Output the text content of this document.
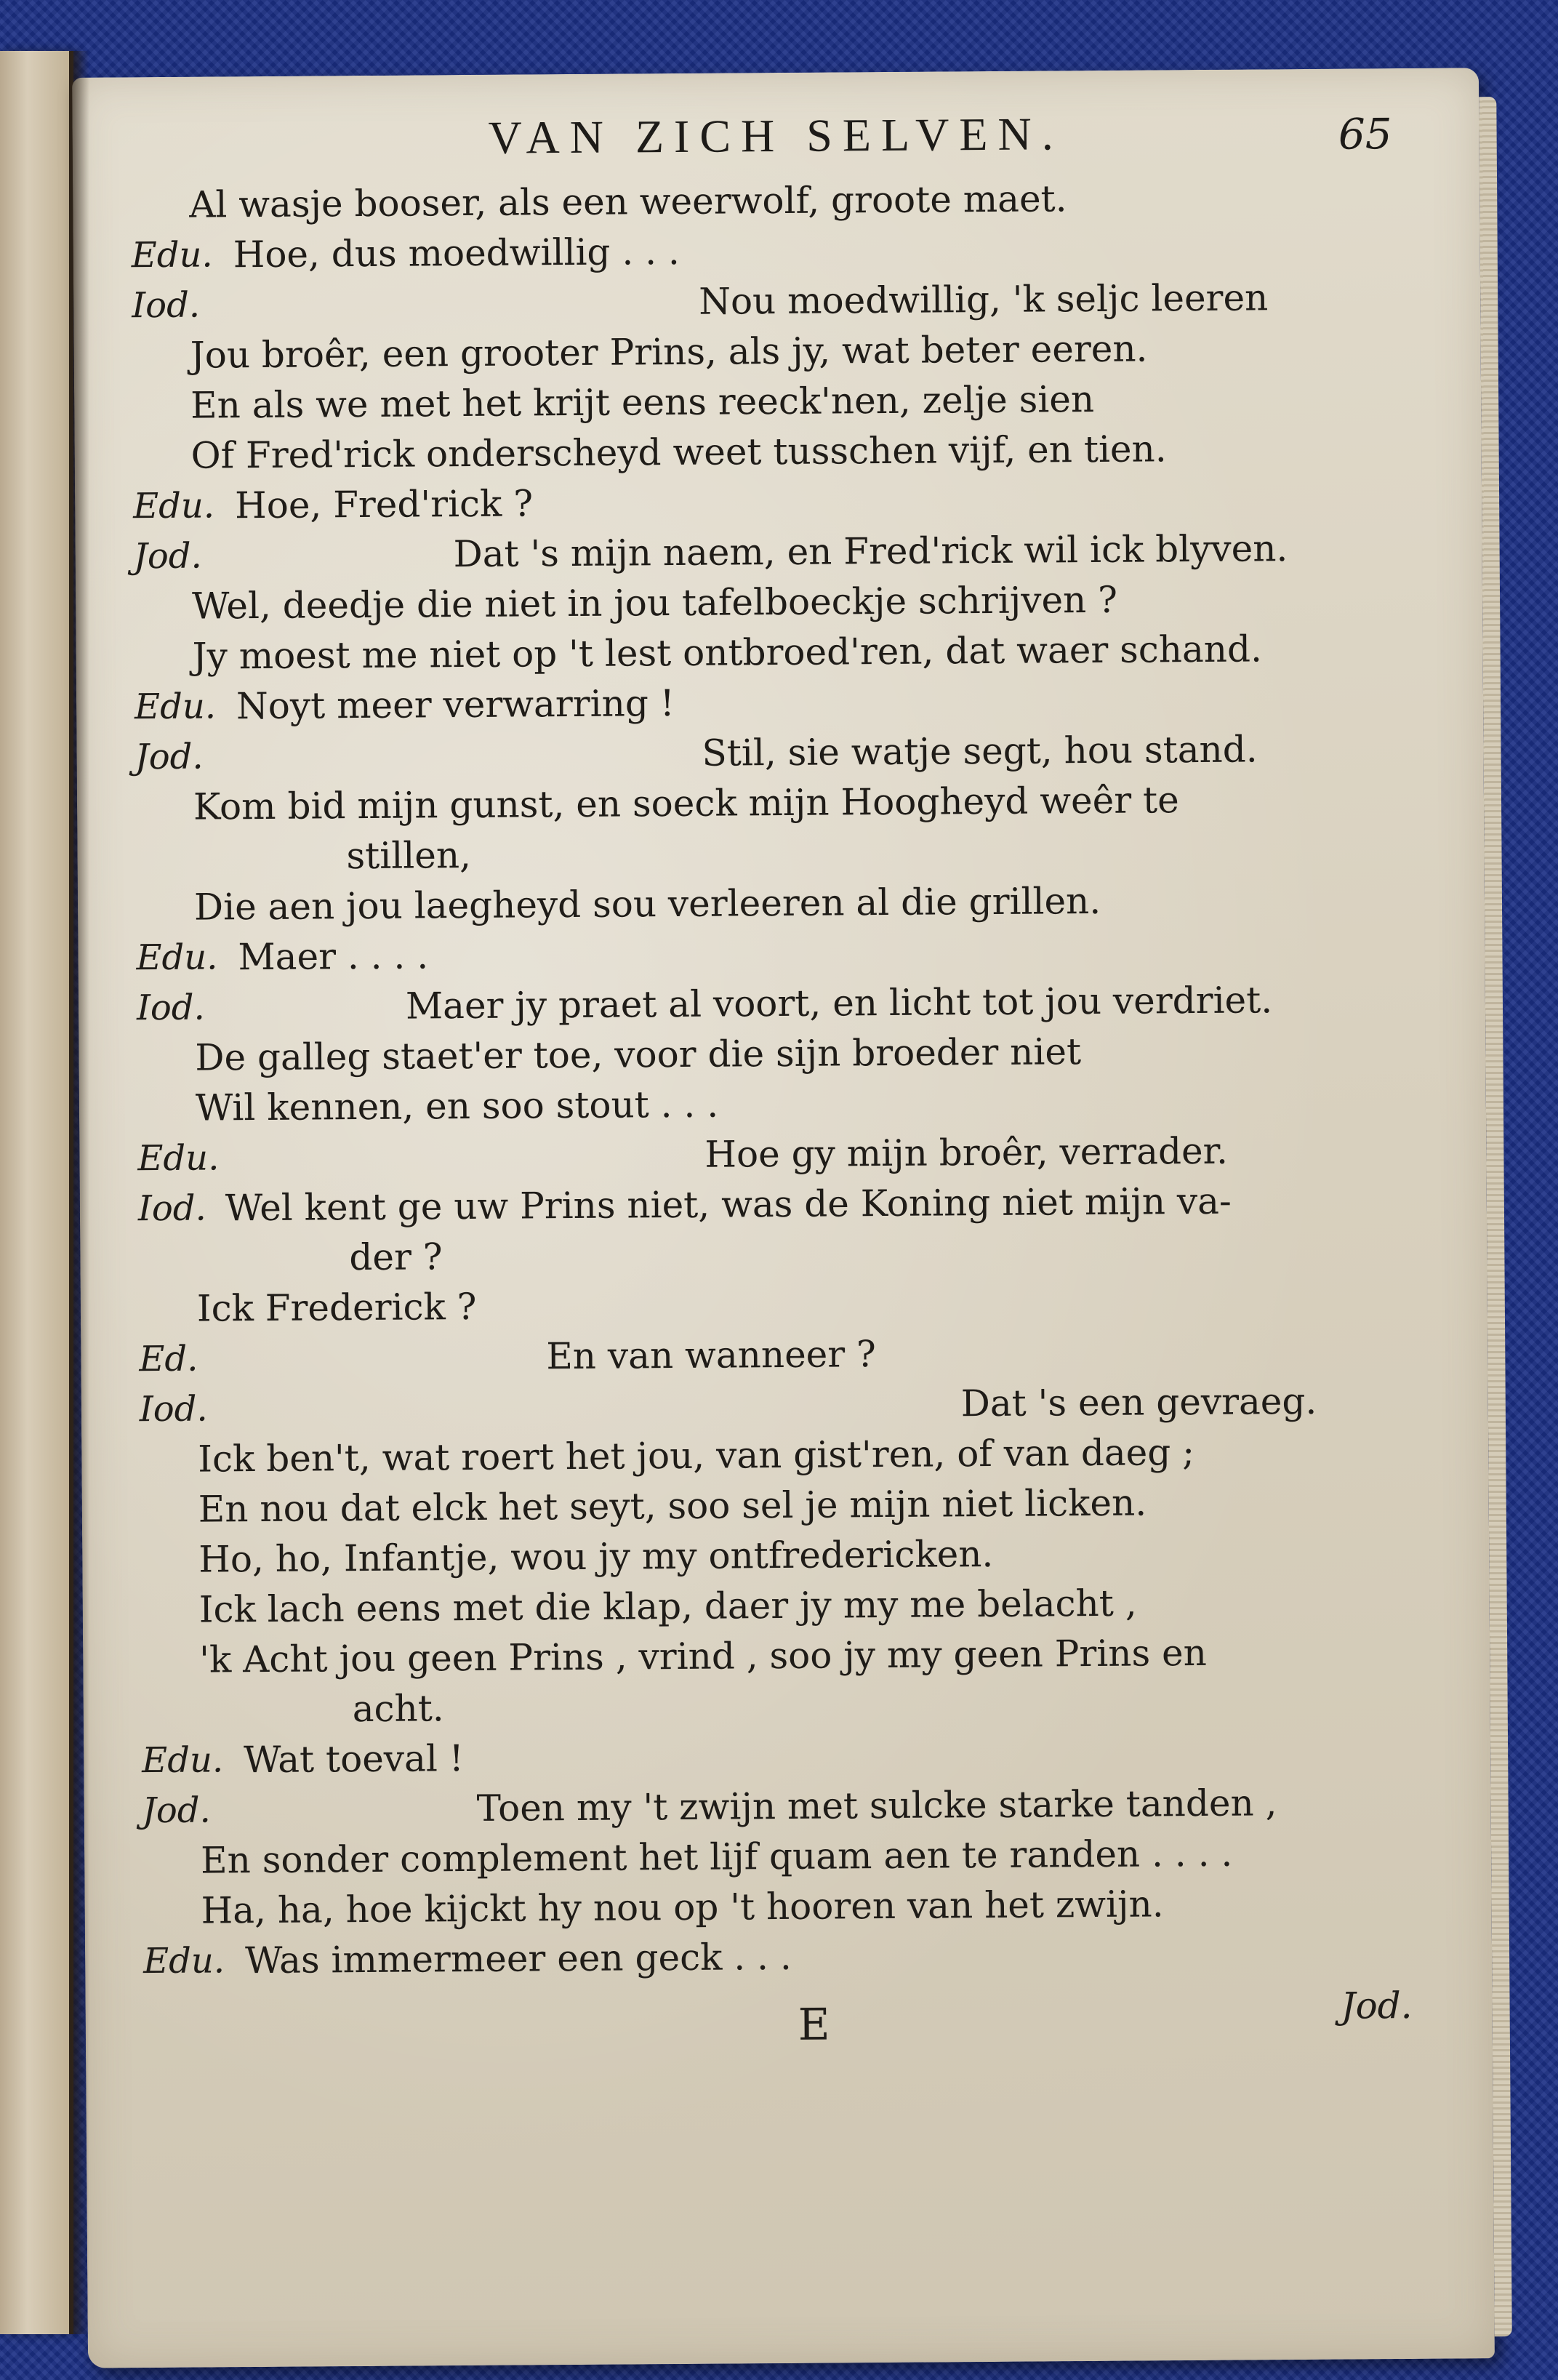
VAN ZICH SELVEN.	65
Al wasje booser, als een weerwolf, groote maet.
Edu. Hoe, dus moedwillig . . .
Iod.	Nou moedwillig, 'k seljc leeren
Jou broêr, een grooter Prins, als jy, wat beter eeren.
En als we met het krijt eens reeck'nen, zelje sien
Of Fred'rick onderscheyd weet tusschen vijf, en tien.
Edu. Hoe, Fred'rick ?
Jod.	Dat 's mijn naem, en Fred'rick wil ick blyven.
Wel, deedje die niet in jou tafelboeckje schrijven ?
Jy moest me niet op 't lest ontbroed'ren, dat waer schand.
Edu. Noyt meer verwarring !
Jod.	Stil, sie watje segt, hou stand.
Kom bid mijn gunst, en soeck mijn Hoogheyd weêr te
stillen,
Die aen jou laegheyd sou verleeren al die grillen.
Edu. Maer . . . .
Iod.	Maer jy praet al voort, en licht tot jou verdriet.
De galleg staet'er toe, voor die sijn broeder niet
Wil kennen, en soo stout . . .
Edu.	Hoe gy mijn broêr, verrader.
Iod. Wel kent ge uw Prins niet, was de Koning niet mijn va-
der ?
Ick Frederick ?
Ed.	En van wanneer ?
Iod.	Dat 's een gevraeg.
Ick ben't, wat roert het jou, van gist'ren, of van daeg ;
En nou dat elck het seyt, soo sel je mijn niet licken.
Ho, ho, Infantje, wou jy my ontfredericken.
Ick lach eens met die klap, daer jy my me belacht ,
'k Acht jou geen Prins , vrind , soo jy my geen Prins en
acht.
Edu. Wat toeval !
Jod.	Toen my 't zwijn met sulcke starke tanden ,
En sonder complement het lijf quam aen te randen . . . .
Ha, ha, hoe kijckt hy nou op 't hooren van het zwijn.
Edu. Was immermeer een geck . . .
E	Jod.
